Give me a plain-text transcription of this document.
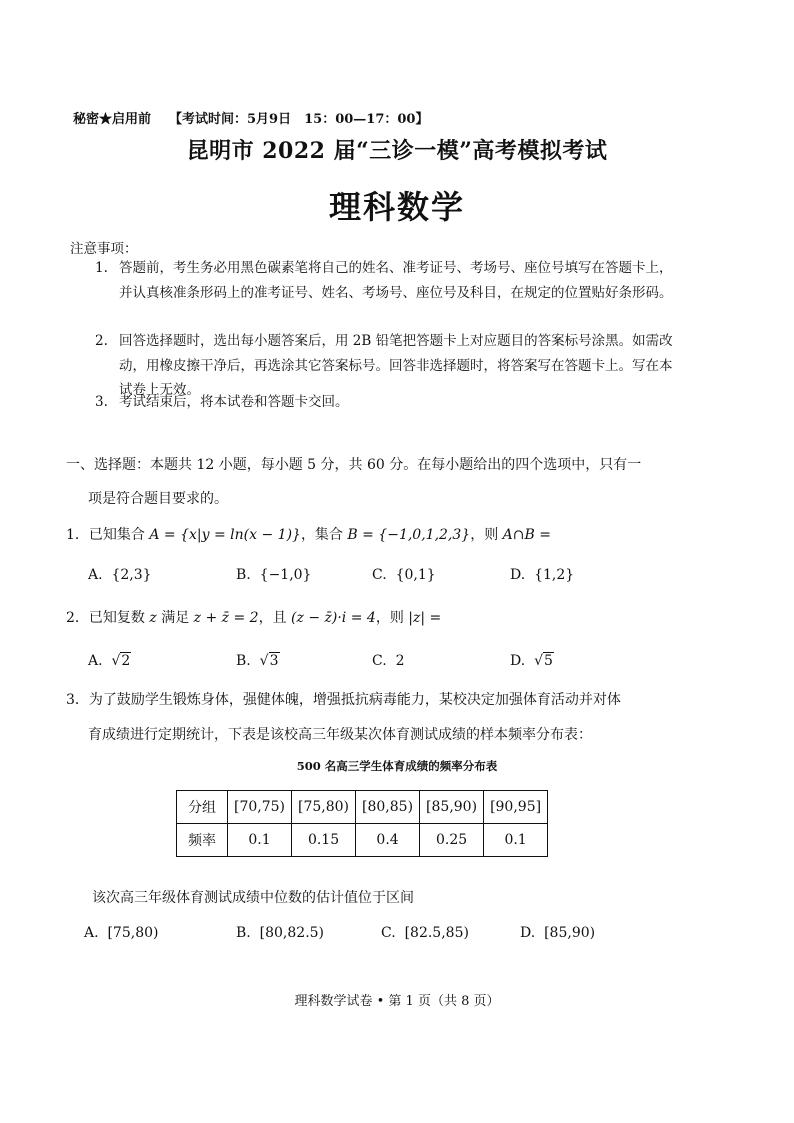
秘密★启用前 【考试时间：5月9日　15：00—17：00】
昆明市 2022 届“三诊一模”高考模拟考试
理科数学
注意事项：
1. 答题前，考生务必用黑色碳素笔将自己的姓名、准考证号、考场号、座位号填写在答题卡上，并认真核准条形码上的准考证号、姓名、考场号、座位号及科目，在规定的位置贴好条形码。
2. 回答选择题时，选出每小题答案后，用 2B 铅笔把答题卡上对应题目的答案标号涂黑。如需改动，用橡皮擦干净后，再选涂其它答案标号。回答非选择题时，将答案写在答题卡上。写在本试卷上无效。
3. 考试结束后，将本试卷和答题卡交回。
一、选择题：本题共 12 小题，每小题 5 分，共 60 分。在每小题给出的四个选项中，只有一
项是符合题目要求的。
1．已知集合 A = {x|y = ln(x − 1)}，集合 B = {−1,0,1,2,3}，则 A∩B =
A. {2,3}	B. {−1,0}	C. {0,1}	D. {1,2}
2．已知复数 z 满足 z + z̄ = 2，且 (z − z̄)·i = 4，则 |z| =
A. √2	B. √3	C. 2	D. √5
3．为了鼓励学生锻炼身体，强健体魄，增强抵抗病毒能力，某校决定加强体育活动并对体
育成绩进行定期统计，下表是该校高三年级某次体育测试成绩的样本频率分布表：
500 名高三学生体育成绩的频率分布表
分组	[70,75)	[75,80)	[80,85)	[85,90)	[90,95]
频率	0.1	0.15	0.4	0.25	0.1
该次高三年级体育测试成绩中位数的估计值位于区间
A. [75,80)	B. [80,82.5)	C. [82.5,85)	D. [85,90)
理科数学试卷 • 第 1 页（共 8 页）
